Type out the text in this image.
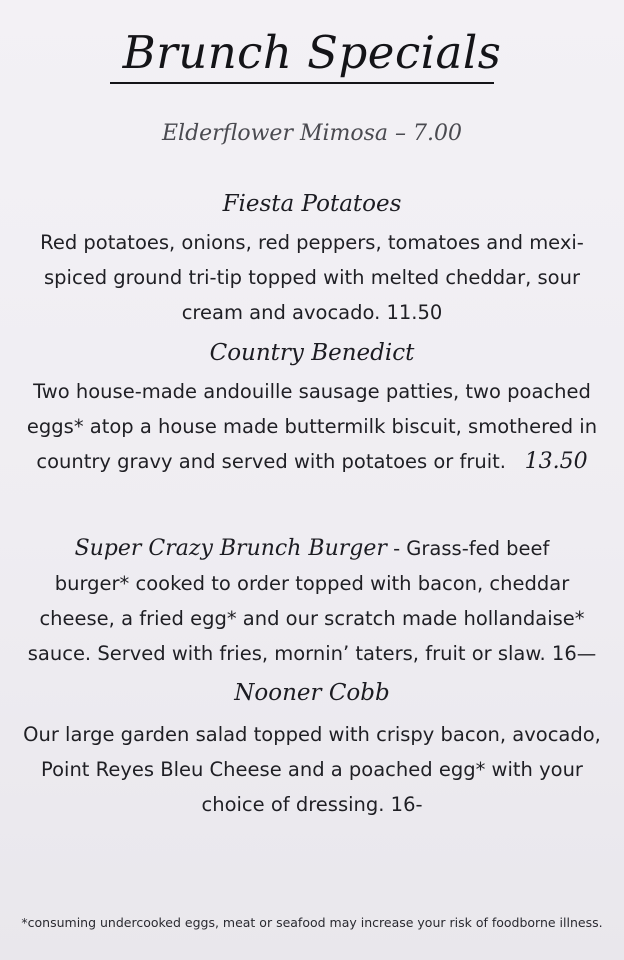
Brunch Specials
Elderflower Mimosa – 7.00
Fiesta Potatoes
Red potatoes, onions, red peppers, tomatoes and mexi-
spiced ground tri-tip topped with melted cheddar, sour
cream and avocado. 11.50
Country Benedict
Two house-made andouille sausage patties, two poached
eggs* atop a house made buttermilk biscuit, smothered in
country gravy and served with potatoes or fruit. 13.50
Super Crazy Brunch Burger - Grass-fed beef
burger* cooked to order topped with bacon, cheddar
cheese, a fried egg* and our scratch made hollandaise*
sauce. Served with fries, mornin’ taters, fruit or slaw. 16—
Nooner Cobb
Our large garden salad topped with crispy bacon, avocado,
Point Reyes Bleu Cheese and a poached egg* with your
choice of dressing. 16-
*consuming undercooked eggs, meat or seafood may increase your risk of foodborne illness.
